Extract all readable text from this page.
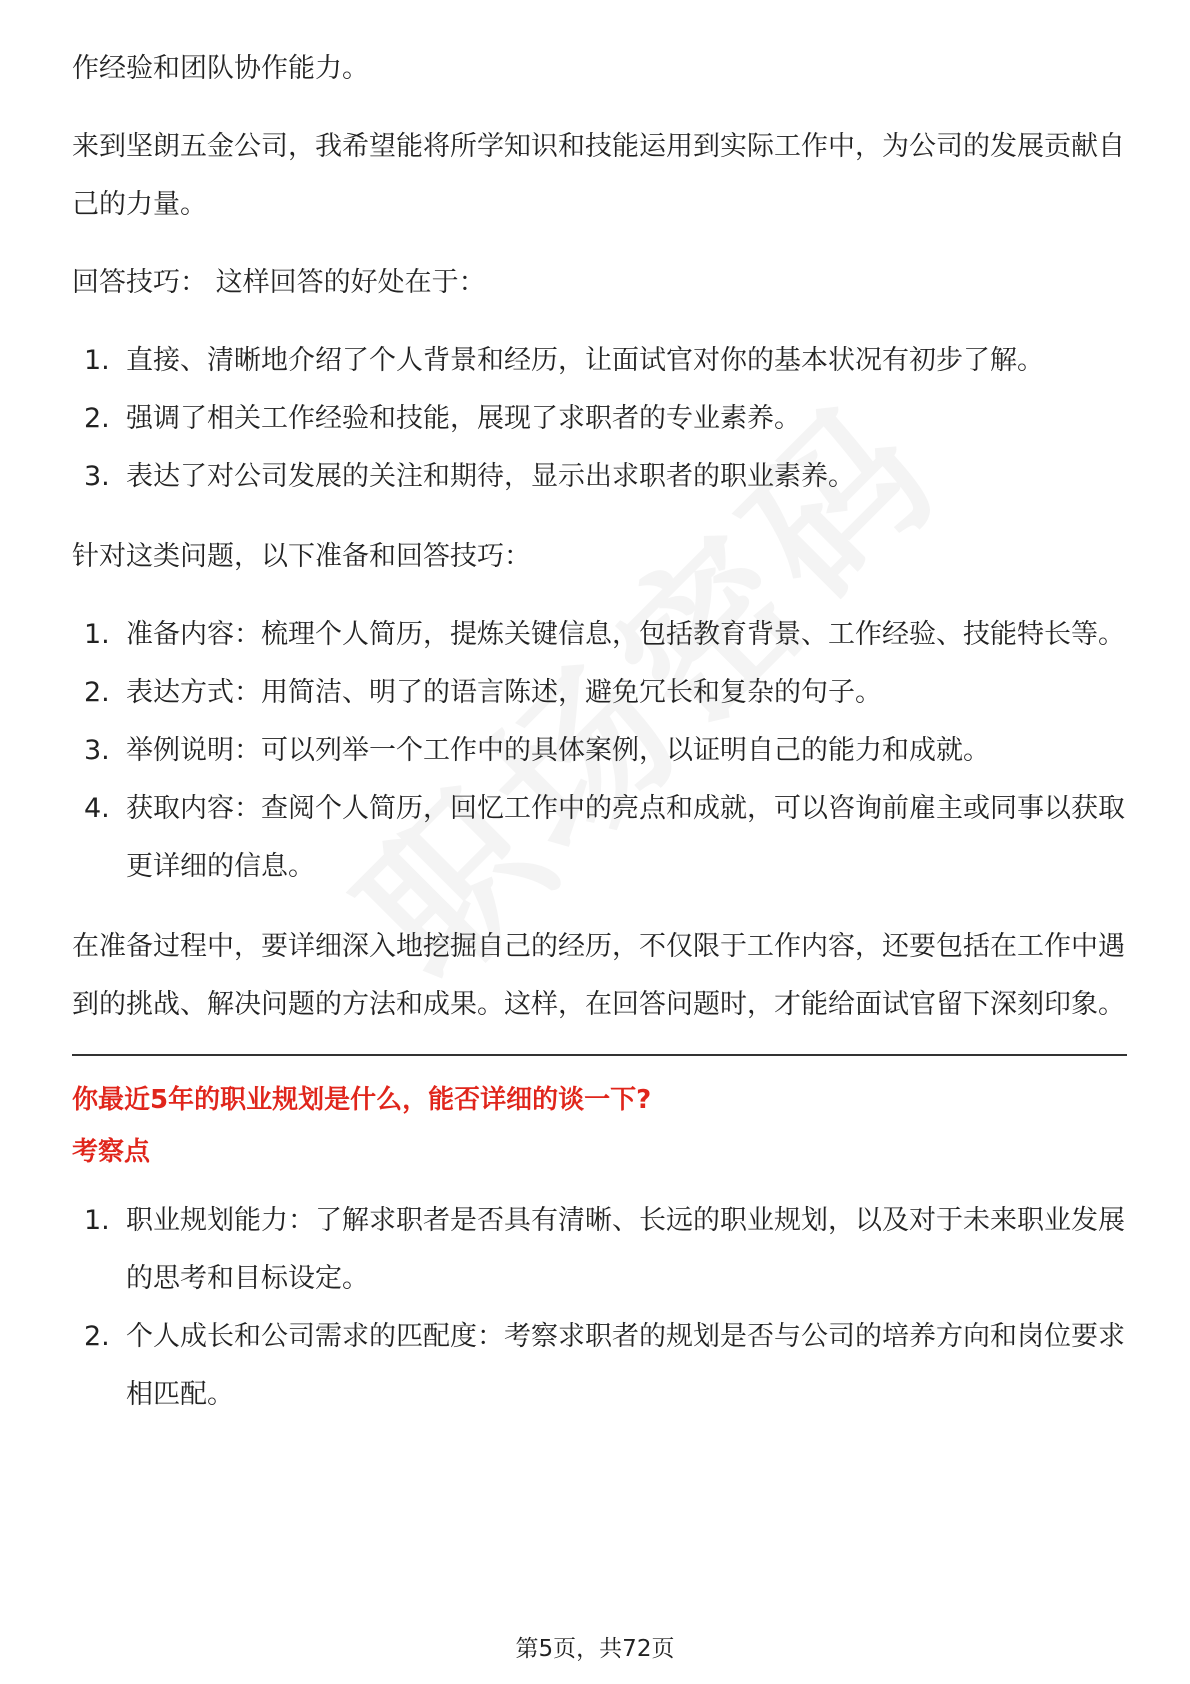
作经验和团队协作能力。

来到坚朗五金公司，我希望能将所学知识和技能运用到实际工作中，为公司的发展贡献自己的力量。

回答技巧： 这样回答的好处在于：

1. 直接、清晰地介绍了个人背景和经历，让面试官对你的基本状况有初步了解。
2. 强调了相关工作经验和技能，展现了求职者的专业素养。
3. 表达了对公司发展的关注和期待，显示出求职者的职业素养。

针对这类问题，以下准备和回答技巧：

1. 准备内容：梳理个人简历，提炼关键信息，包括教育背景、工作经验、技能特长等。
2. 表达方式：用简洁、明了的语言陈述，避免冗长和复杂的句子。
3. 举例说明：可以列举一个工作中的具体案例，以证明自己的能力和成就。
4. 获取内容：查阅个人简历，回忆工作中的亮点和成就，可以咨询前雇主或同事以获取更详细的信息。

在准备过程中，要详细深入地挖掘自己的经历，不仅限于工作内容，还要包括在工作中遇到的挑战、解决问题的方法和成果。这样，在回答问题时，才能给面试官留下深刻印象。

你最近5年的职业规划是什么，能否详细的谈一下?
考察点
1. 职业规划能力：了解求职者是否具有清晰、长远的职业规划，以及对于未来职业发展的思考和目标设定。
2. 个人成长和公司需求的匹配度：考察求职者的规划是否与公司的培养方向和岗位要求相匹配。
第5页，共72页
